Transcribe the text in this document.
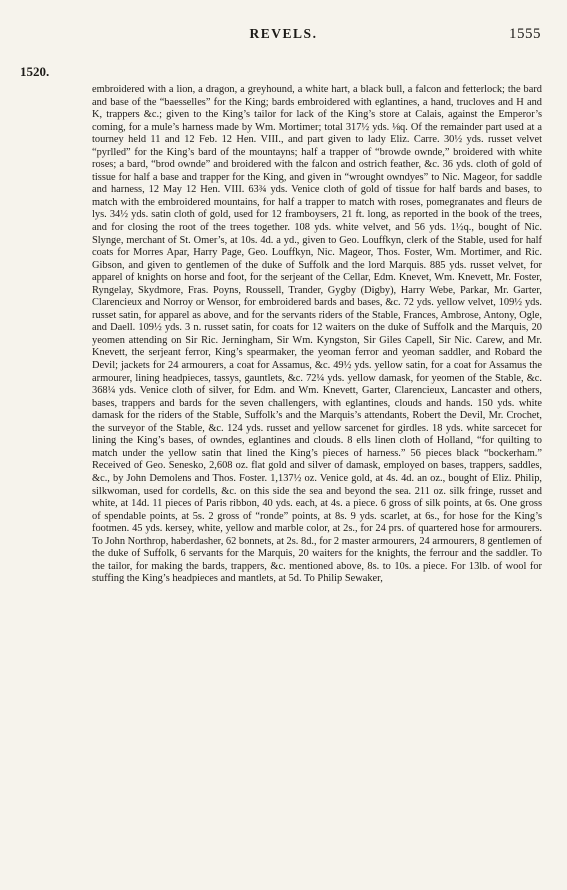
REVELS.	1555
1520.
embroidered with a lion, a dragon, a greyhound, a white hart, a black bull, a falcon and fetterlock; the bard and base of the “baesselles” for the King; bards embroidered with eglantines, a hand, trucloves and H and K, trappers &c.; given to the King’s tailor for lack of the King’s store at Calais, against the Emperor’s coming, for a mule’s harness made by Wm. Mortimer; total 317½ yds. ⅛q. Of the remainder part used at a tourney held 11 and 12 Feb. 12 Hen. VIII., and part given to lady Eliz. Carre. 30½ yds. russet velvet “pyrlled” for the King’s bard of the mountayns; half a trapper of “browde ownde,” broidered with white roses; a bard, “brod ownde” and broidered with the falcon and ostrich feather, &c. 36 yds. cloth of gold of tissue for half a base and trapper for the King, and given in “wrought owndyes” to Nic. Mageor, for saddle and harness, 12 May 12 Hen. VIII. 63¾ yds. Venice cloth of gold of tissue for half bards and bases, to match with the embroidered mountains, for half a trapper to match with roses, pomegranates and fleurs de lys. 34½ yds. satin cloth of gold, used for 12 framboysers, 21 ft. long, as reported in the book of the trees, and for closing the root of the trees together. 108 yds. white velvet, and 56 yds. 1½q., bought of Nic. Slynge, merchant of St. Omer’s, at 10s. 4d. a yd., given to Geo. Louffkyn, clerk of the Stable, used for half coats for Morres Apar, Harry Page, Geo. Louffkyn, Nic. Mageor, Thos. Foster, Wm. Mortimer, and Ric. Gibson, and given to gentlemen of the duke of Suffolk and the lord Marquis. 885 yds. russet velvet, for apparel of knights on horse and foot, for the serjeant of the Cellar, Edm. Knevet, Wm. Knevett, Mr. Foster, Ryngelay, Skydmore, Fras. Poyns, Roussell, Trander, Gygby (Digby), Harry Webe, Parkar, Mr. Garter, Clarencieux and Norroy or Wensor, for embroidered bards and bases, &c. 72 yds. yellow velvet, 109½ yds. russet satin, for apparel as above, and for the servants riders of the Stable, Frances, Ambrose, Antony, Ogle, and Daell. 109½ yds. 3 n. russet satin, for coats for 12 waiters on the duke of Suffolk and the Marquis, 20 yeomen attending on Sir Ric. Jerningham, Sir Wm. Kyngston, Sir Giles Capell, Sir Nic. Carew, and Mr. Knevett, the serjeant ferror, King’s spearmaker, the yeoman ferror and yeoman saddler, and Robard the Devil; jackets for 24 armourers, a coat for Assamus, &c. 49½ yds. yellow satin, for a coat for Assamus the armourer, lining headpieces, tassys, gauntlets, &c. 72¼ yds. yellow damask, for yeomen of the Stable, &c. 368¼ yds. Venice cloth of silver, for Edm. and Wm. Knevett, Garter, Clarencieux, Lancaster and others, bases, trappers and bards for the seven challengers, with eglantines, clouds and hands. 150 yds. white damask for the riders of the Stable, Suffolk’s and the Marquis’s attendants, Robert the Devil, Mr. Crochet, the surveyor of the Stable, &c. 124 yds. russet and yellow sarcenet for girdles. 18 yds. white sarcecet for lining the King’s bases, of owndes, eglantines and clouds. 8 ells linen cloth of Holland, “for quilting to match under the yellow satin that lined the King’s pieces of harness.” 56 pieces black “bockerham.” Received of Geo. Senesko, 2,608 oz. flat gold and silver of damask, employed on bases, trappers, saddles, &c., by John Demolens and Thos. Foster. 1,137½ oz. Venice gold, at 4s. 4d. an oz., bought of Eliz. Philip, silkwoman, used for cordells, &c. on this side the sea and beyond the sea. 211 oz. silk fringe, russet and white, at 14d. 11 pieces of Paris ribbon, 40 yds. each, at 4s. a piece. 6 gross of silk points, at 6s. One gross of spendable points, at 5s. 2 gross of “ronde” points, at 8s. 9 yds. scarlet, at 6s., for hose for the King’s footmen. 45 yds. kersey, white, yellow and marble color, at 2s., for 24 prs. of quartered hose for armourers. To John Northrop, haberdasher, 62 bonnets, at 2s. 8d., for 2 master armourers, 24 armourers, 8 gentlemen of the duke of Suffolk, 6 servants for the Marquis, 20 waiters for the knights, the ferrour and the saddler. To the tailor, for making the bards, trappers, &c. mentioned above, 8s. to 10s. a piece. For 13lb. of wool for stuffing the King’s headpieces and mantlets, at 5d. To Philip Sewaker,
